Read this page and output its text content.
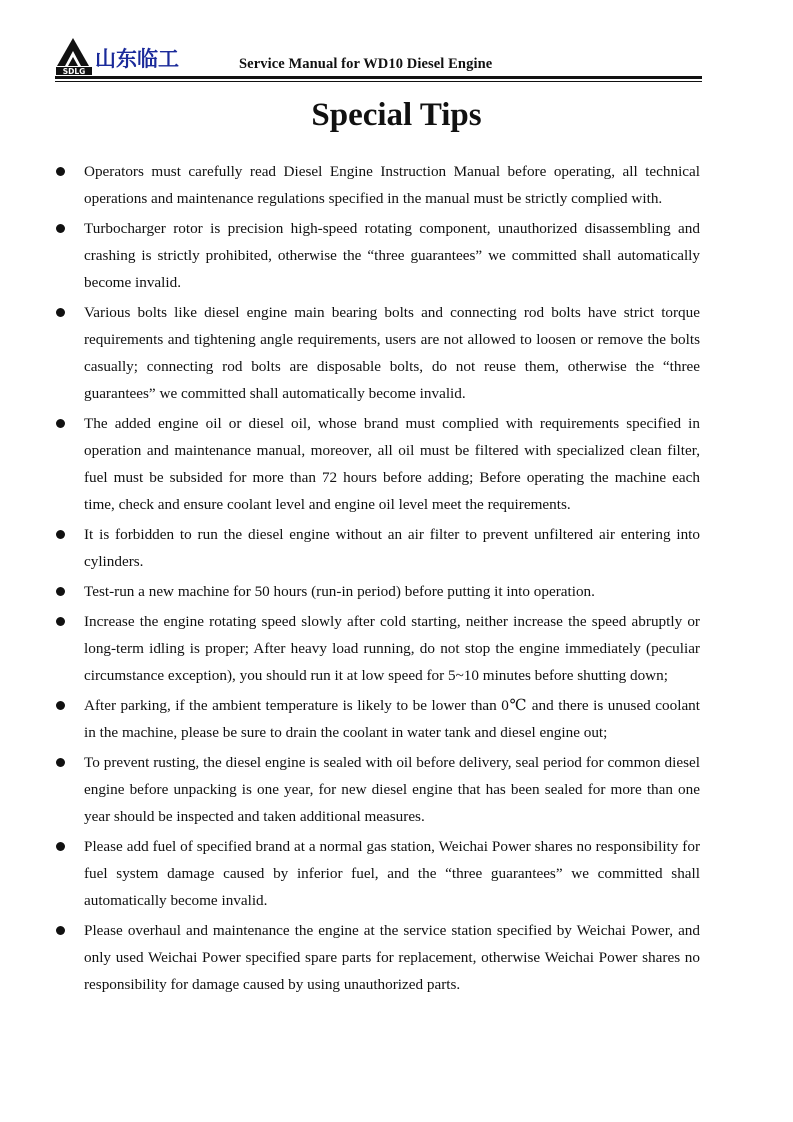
SDLG
山东临工	Service Manual for WD10 Diesel Engine
Special Tips
Operators must carefully read Diesel Engine Instruction Manual before operating, all technical operations and maintenance regulations specified in the manual must be strictly complied with.
Turbocharger rotor is precision high-speed rotating component, unauthorized disassembling and crashing is strictly prohibited, otherwise the “three guarantees” we committed shall automatically become invalid.
Various bolts like diesel engine main bearing bolts and connecting rod bolts have strict torque requirements and tightening angle requirements, users are not allowed to loosen or remove the bolts casually; connecting rod bolts are disposable bolts, do not reuse them, otherwise the “three guarantees” we committed shall automatically become invalid.
The added engine oil or diesel oil, whose brand must complied with requirements specified in operation and maintenance manual, moreover, all oil must be filtered with specialized clean filter, fuel must be subsided for more than 72 hours before adding; Before operating the machine each time, check and ensure coolant level and engine oil level meet the requirements.
It is forbidden to run the diesel engine without an air filter to prevent unfiltered air entering into cylinders.
Test-run a new machine for 50 hours (run-in period) before putting it into operation.
Increase the engine rotating speed slowly after cold starting, neither increase the speed abruptly or long-term idling is proper; After heavy load running, do not stop the engine immediately (peculiar circumstance exception), you should run it at low speed for 5~10 minutes before shutting down;
After parking, if the ambient temperature is likely to be lower than 0℃ and there is unused coolant in the machine, please be sure to drain the coolant in water tank and diesel engine out;
To prevent rusting, the diesel engine is sealed with oil before delivery, seal period for common diesel engine before unpacking is one year, for new diesel engine that has been sealed for more than one year should be inspected and taken additional measures.
Please add fuel of specified brand at a normal gas station, Weichai Power shares no responsibility for fuel system damage caused by inferior fuel, and the “three guarantees” we committed shall automatically become invalid.
Please overhaul and maintenance the engine at the service station specified by Weichai Power, and only used Weichai Power specified spare parts for replacement, otherwise Weichai Power shares no responsibility for damage caused by using unauthorized parts.
